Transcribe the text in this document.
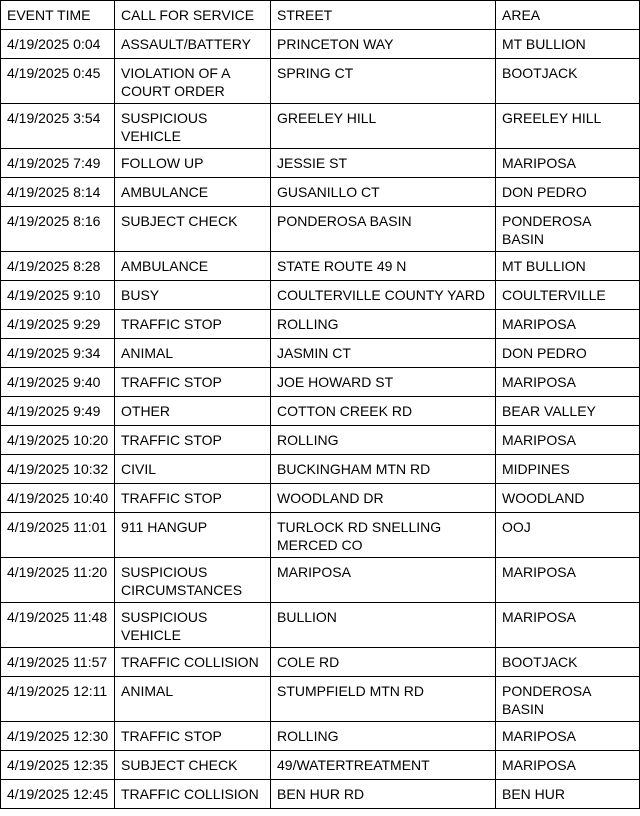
EVENT TIME	CALL FOR SERVICE	STREET	AREA
4/19/2025 0:04	ASSAULT/BATTERY	PRINCETON WAY	MT BULLION
4/19/2025 0:45	VIOLATION OF A COURT ORDER	SPRING CT	BOOTJACK
4/19/2025 3:54	SUSPICIOUS VEHICLE	GREELEY HILL	GREELEY HILL
4/19/2025 7:49	FOLLOW UP	JESSIE ST	MARIPOSA
4/19/2025 8:14	AMBULANCE	GUSANILLO CT	DON PEDRO
4/19/2025 8:16	SUBJECT CHECK	PONDEROSA BASIN	PONDEROSA BASIN
4/19/2025 8:28	AMBULANCE	STATE ROUTE 49 N	MT BULLION
4/19/2025 9:10	BUSY	COULTERVILLE COUNTY YARD	COULTERVILLE
4/19/2025 9:29	TRAFFIC STOP	ROLLING	MARIPOSA
4/19/2025 9:34	ANIMAL	JASMIN CT	DON PEDRO
4/19/2025 9:40	TRAFFIC STOP	JOE HOWARD ST	MARIPOSA
4/19/2025 9:49	OTHER	COTTON CREEK RD	BEAR VALLEY
4/19/2025 10:20	TRAFFIC STOP	ROLLING	MARIPOSA
4/19/2025 10:32	CIVIL	BUCKINGHAM MTN RD	MIDPINES
4/19/2025 10:40	TRAFFIC STOP	WOODLAND DR	WOODLAND
4/19/2025 11:01	911 HANGUP	TURLOCK RD SNELLING MERCED CO	OOJ
4/19/2025 11:20	SUSPICIOUS CIRCUMSTANCES	MARIPOSA	MARIPOSA
4/19/2025 11:48	SUSPICIOUS VEHICLE	BULLION	MARIPOSA
4/19/2025 11:57	TRAFFIC COLLISION	COLE RD	BOOTJACK
4/19/2025 12:11	ANIMAL	STUMPFIELD MTN RD	PONDEROSA BASIN
4/19/2025 12:30	TRAFFIC STOP	ROLLING	MARIPOSA
4/19/2025 12:35	SUBJECT CHECK	49/WATERTREATMENT	MARIPOSA
4/19/2025 12:45	TRAFFIC COLLISION	BEN HUR RD	BEN HUR
